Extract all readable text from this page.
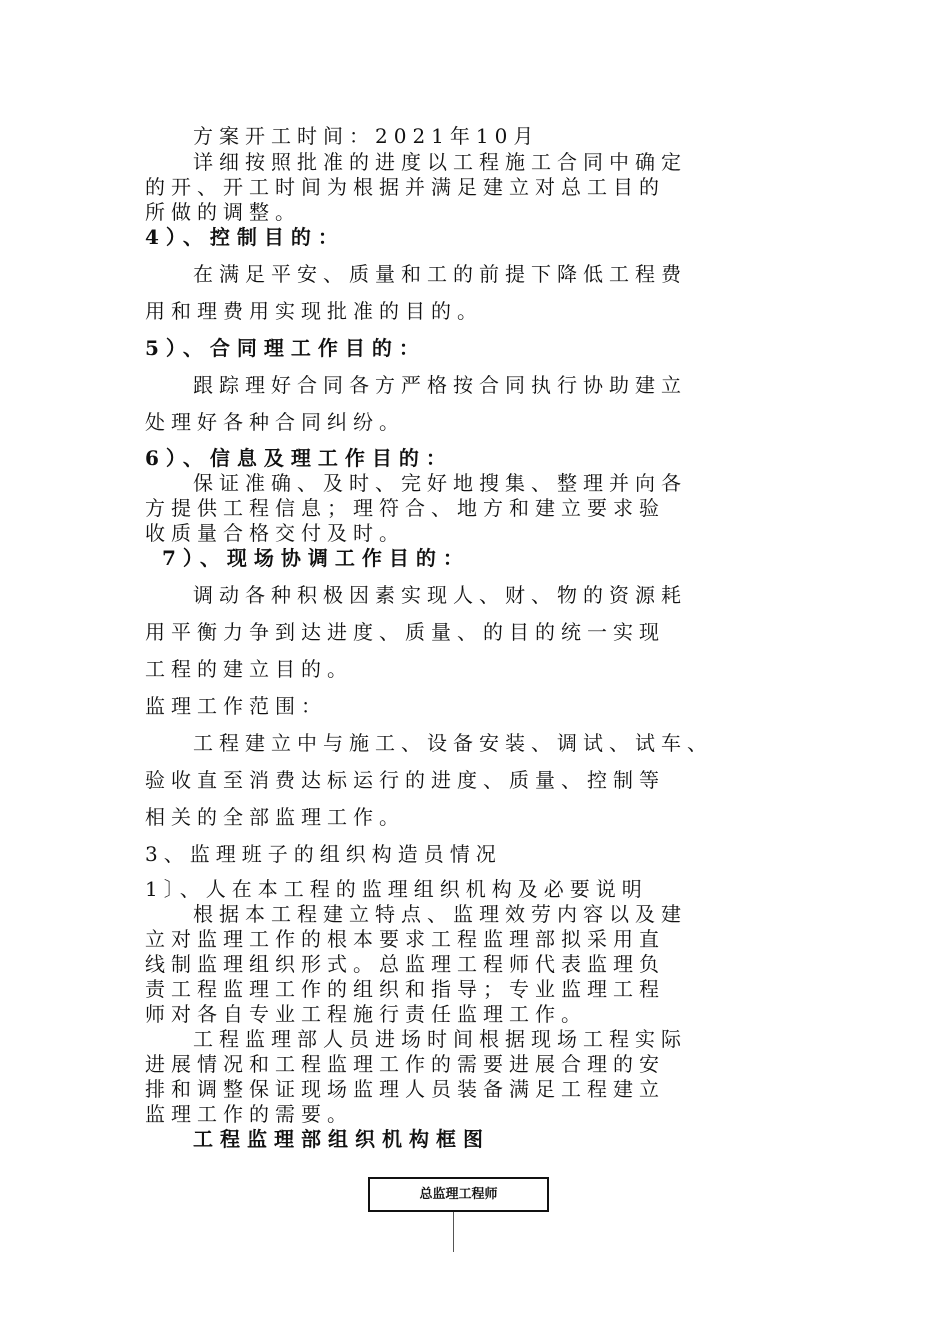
方案开工时间：2021年10月
详细按照批准的进度以工程施工合同中确定
的开、开工时间为根据并满足建立对总工目的
所做的调整。
4）、控制目的：
在满足平安、质量和工的前提下降低工程费
用和理费用实现批准的目的。
5）、合同理工作目的：
跟踪理好合同各方严格按合同执行协助建立
处理好各种合同纠纷。
6）、信息及理工作目的：
保证准确、及时、完好地搜集、整理并向各
方提供工程信息；理符合、地方和建立要求验
收质量合格交付及时。
7）、现场协调工作目的：
调动各种积极因素实现人、财、物的资源耗
用平衡力争到达进度、质量、的目的统一实现
工程的建立目的。
监理工作范围：
工程建立中与施工、设备安装、调试、试车、
验收直至消费达标运行的进度、质量、控制等
相关的全部监理工作。
3、监理班子的组织构造员情况
1〕、人在本工程的监理组织机构及必要说明
根据本工程建立特点、监理效劳内容以及建
立对监理工作的根本要求工程监理部拟采用直
线制监理组织形式。总监理工程师代表监理负
责工程监理工作的组织和指导；专业监理工程
师对各自专业工程施行责任监理工作。
工程监理部人员进场时间根据现场工程实际
进展情况和工程监理工作的需要进展合理的安
排和调整保证现场监理人员装备满足工程建立
监理工作的需要。
工程监理部组织机构框图
总监理工程师
